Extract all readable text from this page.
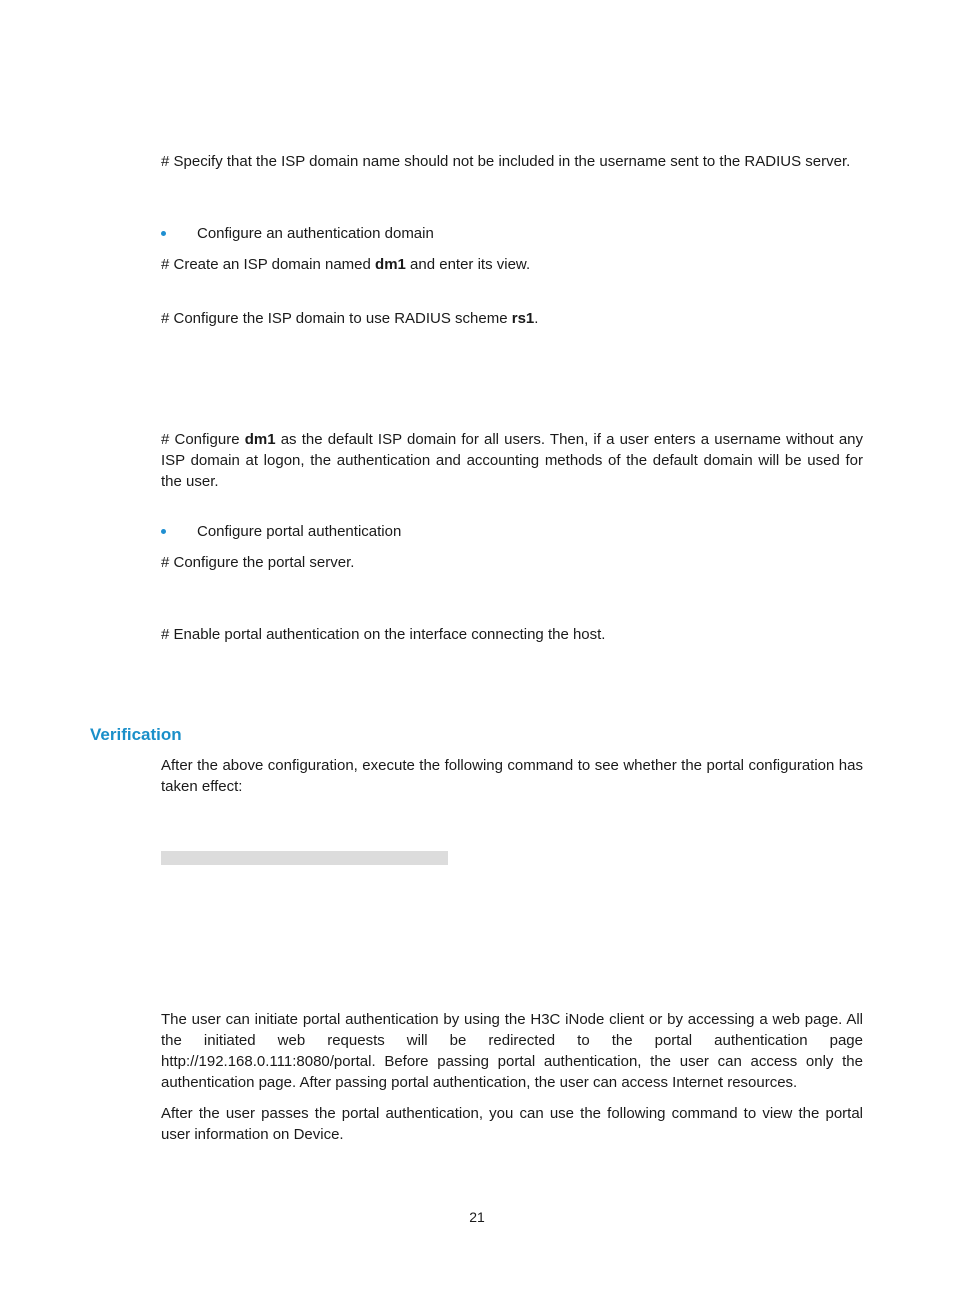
# Specify that the ISP domain name should not be included in the username sent to the RADIUS server.
Configure an authentication domain
# Create an ISP domain named dm1 and enter its view.
# Configure the ISP domain to use RADIUS scheme rs1.
# Configure dm1 as the default ISP domain for all users. Then, if a user enters a username without any ISP domain at logon, the authentication and accounting methods of the default domain will be used for the user.
Configure portal authentication
# Configure the portal server.
# Enable portal authentication on the interface connecting the host.
Verification
After the above configuration, execute the following command to see whether the portal configuration has taken effect:
The user can initiate portal authentication by using the H3C iNode client or by accessing a web page. All the initiated web requests will be redirected to the portal authentication page http://192.168.0.111:8080/portal. Before passing portal authentication, the user can access only the authentication page. After passing portal authentication, the user can access Internet resources.
After the user passes the portal authentication, you can use the following command to view the portal user information on Device.
21
